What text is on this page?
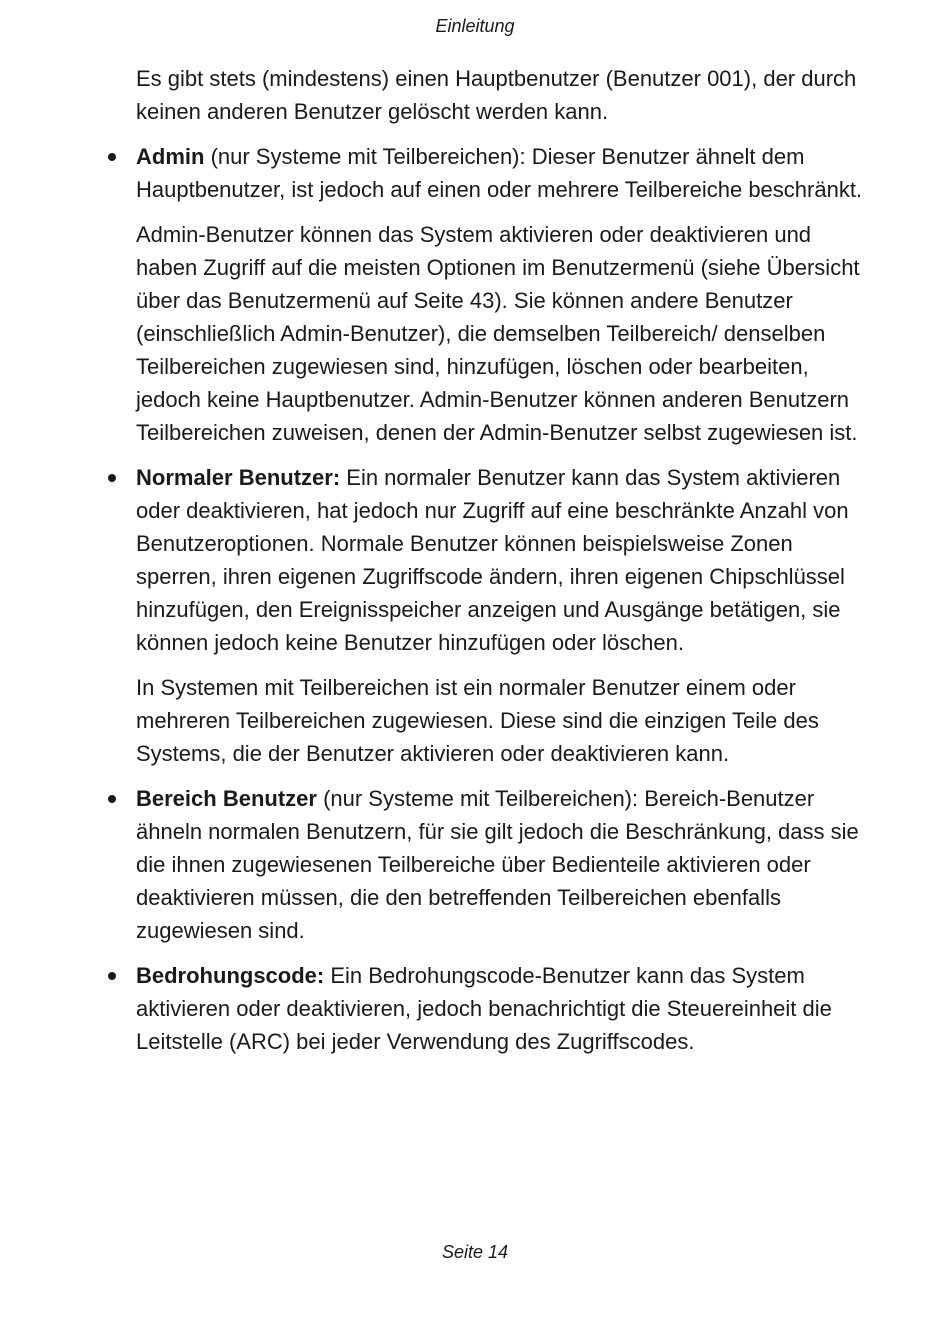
Einleitung

Es gibt stets (mindestens) einen Hauptbenutzer (Benutzer 001), der durch keinen anderen Benutzer gelöscht werden kann.

Admin (nur Systeme mit Teilbereichen): Dieser Benutzer ähnelt dem Hauptbenutzer, ist jedoch auf einen oder mehrere Teilbereiche beschränkt.

Admin-Benutzer können das System aktivieren oder deaktivieren und haben Zugriff auf die meisten Optionen im Benutzermenü (siehe Übersicht über das Benutzermenü auf Seite 43). Sie können andere Benutzer (einschließlich Admin-Benutzer), die demselben Teilbereich/ denselben Teilbereichen zugewiesen sind, hinzufügen, löschen oder bearbeiten, jedoch keine Hauptbenutzer. Admin-Benutzer können anderen Benutzern Teilbereichen zuweisen, denen der Admin-Benutzer selbst zugewiesen ist.

Normaler Benutzer: Ein normaler Benutzer kann das System aktivieren oder deaktivieren, hat jedoch nur Zugriff auf eine beschränkte Anzahl von Benutzeroptionen. Normale Benutzer können beispielsweise Zonen sperren, ihren eigenen Zugriffscode ändern, ihren eigenen Chipschlüssel hinzufügen, den Ereignisspeicher anzeigen und Ausgänge betätigen, sie können jedoch keine Benutzer hinzufügen oder löschen.

In Systemen mit Teilbereichen ist ein normaler Benutzer einem oder mehreren Teilbereichen zugewiesen. Diese sind die einzigen Teile des Systems, die der Benutzer aktivieren oder deaktivieren kann.

Bereich Benutzer (nur Systeme mit Teilbereichen): Bereich-Benutzer ähneln normalen Benutzern, für sie gilt jedoch die Beschränkung, dass sie die ihnen zugewiesenen Teilbereiche über Bedienteile aktivieren oder deaktivieren müssen, die den betreffenden Teilbereichen ebenfalls zugewiesen sind.

Bedrohungscode: Ein Bedrohungscode-Benutzer kann das System aktivieren oder deaktivieren, jedoch benachrichtigt die Steuereinheit die Leitstelle (ARC) bei jeder Verwendung des Zugriffscodes.

Seite 14
